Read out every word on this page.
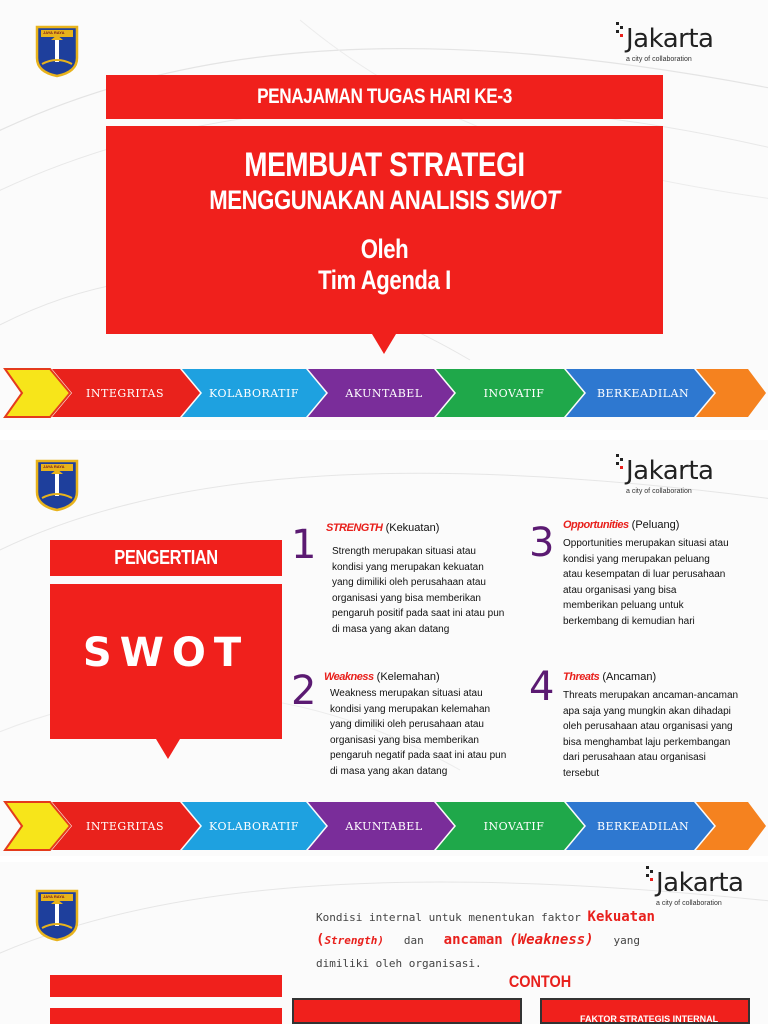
JAYA RAYA	Jakarta
a city of collaboration
PENAJAMAN TUGAS HARI KE-3
MEMBUAT STRATEGI
MENGGUNAKAN ANALISIS SWOT
Oleh
Tim Agenda I
INTEGRITAS	KOLABORATIF	AKUNTABEL	INOVATIF	BERKEADILAN
JAYA RAYA	Jakarta
a city of collaboration
PENGERTIAN
SWOT
1 STRENGTH (Kekuatan)
Strength merupakan situasi atau
kondisi yang merupakan kekuatan
yang dimiliki oleh perusahaan atau
organisasi yang bisa memberikan
pengaruh positif pada saat ini atau pun
di masa yang akan datang
2 Weakness (Kelemahan)
Weakness merupakan situasi atau
kondisi yang merupakan kelemahan
yang dimiliki oleh perusahaan atau
organisasi yang bisa memberikan
pengaruh negatif pada saat ini atau pun
di masa yang akan datang
3 Opportunities (Peluang)
Opportunities merupakan situasi atau
kondisi yang merupakan peluang
atau kesempatan di luar perusahaan
atau organisasi yang bisa
memberikan peluang untuk
berkembang di kemudian hari
4 Threats (Ancaman)
Threats merupakan ancaman-ancaman
apa saja yang mungkin akan dihadapi
oleh perusahaan atau organisasi yang
bisa menghambat laju perkembangan
dari perusahaan atau organisasi
tersebut
INTEGRITAS	KOLABORATIF	AKUNTABEL	INOVATIF	BERKEADILAN
JAYA RAYA	Jakarta
a city of collaboration
Kondisi internal untuk menentukan faktor Kekuatan
(Strength) dan ancaman (Weakness) yang
dimiliki oleh organisasi.
CONTOH
FAKTOR STRATEGIS INTERNAL
